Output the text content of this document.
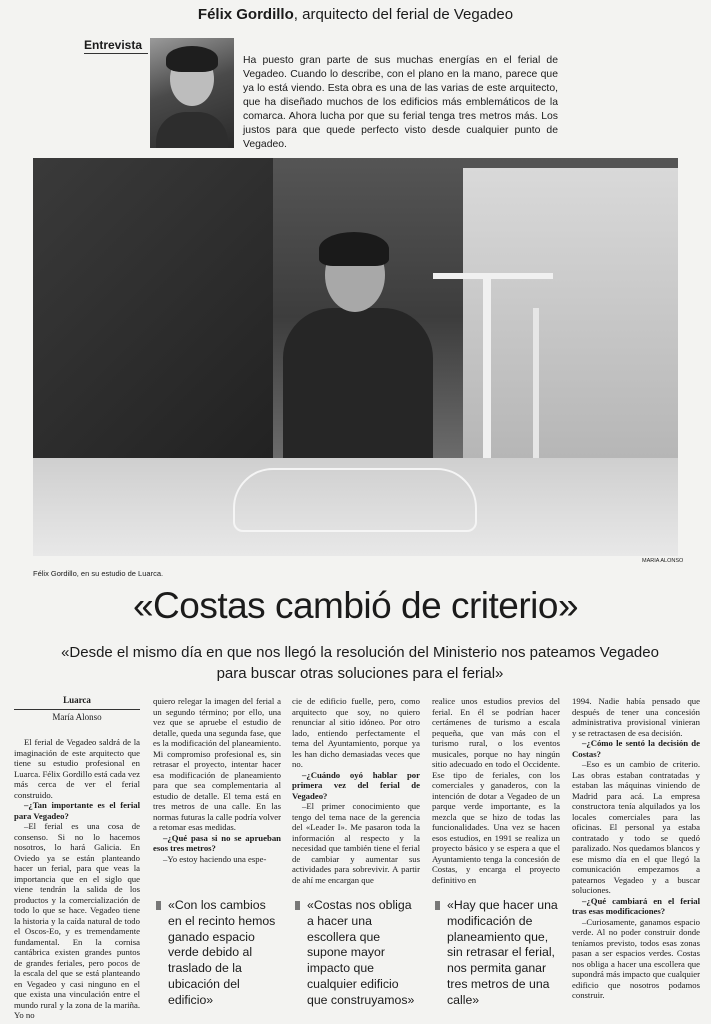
Félix Gordillo, arquitecto del ferial de Vegadeo
Entrevista
Ha puesto gran parte de sus muchas energías en el ferial de Vegadeo. Cuando lo describe, con el plano en la mano, parece que ya lo está viendo. Esta obra es una de las varias de este arquitecto, que ha diseñado muchos de los edificios más emblemáticos de la comarca. Ahora lucha por que su ferial tenga tres metros más. Los justos para que quede perfecto visto desde cualquier punto de Vegadeo.
MARIA ALONSO
Félix Gordillo, en su estudio de Luarca.
«Costas cambió de criterio»
«Desde el mismo día en que nos llegó la resolución del Ministerio nos pateamos Vegadeo para buscar otras soluciones para el ferial»
Luarca
María Alonso

El ferial de Vegadeo saldrá de la imaginación de este arquitecto que tiene su estudio profesional en Luarca. Félix Gordillo está cada vez más cerca de ver el ferial construido.

–¿Tan importante es el ferial para Vegadeo?

–El ferial es una cosa de consenso. Si no lo hacemos nosotros, lo hará Galicia. En Oviedo ya se están planteando hacer un ferial, para que veas la importancia que en el siglo que viene tendrán la salida de los productos y la comercialización de todo lo que se hace. Vegadeo tiene la historia y la caída natural de todo el Oscos-Eo, y es tremendamente fundamental. En la cornisa cantábrica existen grandes puntos de grandes feriales, pero pocos de la escala del que se está planteando en Vegadeo y casi ninguno en el que exista una vinculación entre el mundo rural y la zona de la mariña. Yo no

quiero relegar la imagen del ferial a un segundo término; por ello, una vez que se apruebe el estudio de detalle, queda una segunda fase, que es la modificación del planeamiento. Mi compromiso profesional es, sin retrasar el proyecto, intentar hacer esa modificación de planeamiento para que sea complementaria al estudio de detalle. El tema está en tres metros de una calle. En las normas futuras la calle podría volver a retomar esas medidas.

–¿Qué pasa si no se aprueban esos tres metros?

–Yo estoy haciendo una espe-

cie de edificio fuelle, pero, como arquitecto que soy, no quiero renunciar al sitio idóneo. Por otro lado, entiendo perfectamente el tema del Ayuntamiento, porque ya les han dicho demasiadas veces que no.

–¿Cuándo oyó hablar por primera vez del ferial de Vegadeo?

–El primer conocimiento que tengo del tema nace de la gerencia del «Leader I». Me pasaron toda la información al respecto y la necesidad que también tiene el ferial de cambiar y aumentar sus actividades para sobrevivir. A partir de ahí me encargan que

realice unos estudios previos del ferial. En él se podrían hacer certámenes de turismo a escala pequeña, que van más con el turismo rural, o los eventos musicales, porque no hay ningún sitio adecuado en todo el Occidente. Ese tipo de feriales, con los comerciales y ganaderos, con la intención de dotar a Vegadeo de un parque verde importante, es la mezcla que se hizo de todas las funcionalidades. Una vez se hacen esos estudios, en 1991 se realiza un proyecto básico y se espera a que el Ayuntamiento tenga la concesión de Costas, y encarga el proyecto definitivo en

1994. Nadie había pensado que después de tener una concesión administrativa provisional vinieran y se retractasen de esa decisión.

–¿Cómo le sentó la decisión de Costas?

–Eso es un cambio de criterio. Las obras estaban contratadas y estaban las máquinas viniendo de Madrid para acá. La empresa constructora tenía alquilados ya los locales comerciales para las oficinas. El personal ya estaba contratado y todo se quedó paralizado. Nos quedamos blancos y ese mismo día en el que llegó la comunicación empezamos a patearnos Vegadeo y a buscar soluciones.

–¿Qué cambiará en el ferial tras esas modificaciones?

–Curiosamente, ganamos espacio verde. Al no poder construir donde teníamos previsto, todos esas zonas pasan a ser espacios verdes. Costas nos obliga a hacer una escollera que supondrá más impacto que cualquier edificio que nosotros podamos construir.

«Con los cambios en el recinto hemos ganado espacio verde debido al traslado de la ubicación del edificio»
«Costas nos obliga a hacer una escollera que supone mayor impacto que cualquier edificio que construyamos»
«Hay que hacer una modificación de planeamiento que, sin retrasar el ferial, nos permita ganar tres metros de una calle»
